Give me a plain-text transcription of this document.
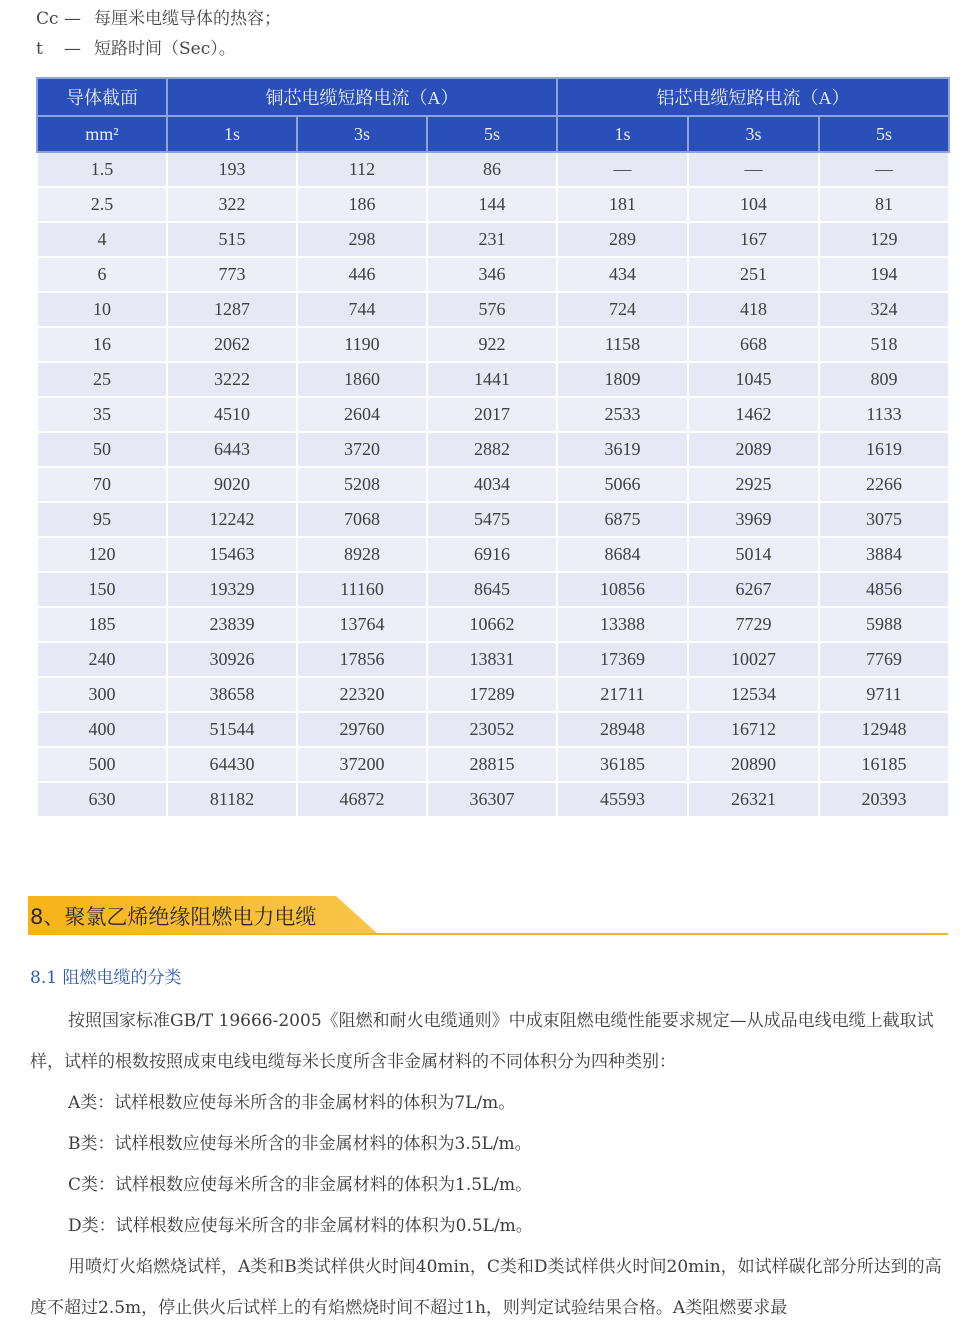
Cc — 每厘米电缆导体的热容；
t	— 短路时间（Sec）。
导体截面	铜芯电缆短路电流（A）			铝芯电缆短路电流（A）		
mm²	1s	3s	5s	1s	3s	5s
1.5	193	112	86	—	—	—
2.5	322	186	144	181	104	81
4	515	298	231	289	167	129
6	773	446	346	434	251	194
10	1287	744	576	724	418	324
16	2062	1190	922	1158	668	518
25	3222	1860	1441	1809	1045	809
35	4510	2604	2017	2533	1462	1133
50	6443	3720	2882	3619	2089	1619
70	9020	5208	4034	5066	2925	2266
95	12242	7068	5475	6875	3969	3075
120	15463	8928	6916	8684	5014	3884
150	19329	11160	8645	10856	6267	4856
185	23839	13764	10662	13388	7729	5988
240	30926	17856	13831	17369	10027	7769
300	38658	22320	17289	21711	12534	9711
400	51544	29760	23052	28948	16712	12948
500	64430	37200	28815	36185	20890	16185
630	81182	46872	36307	45593	26321	20393
8、聚氯乙烯绝缘阻燃电力电缆
8.1 阻燃电缆的分类

按照国家标准GB/T 19666-2005《阻燃和耐火电缆通则》中成束阻燃电缆性能要求规定—从成品电线电缆上截取试样，试样的根数按照成束电线电缆每米长度所含非金属材料的不同体积分为四种类别：

A类：试样根数应使每米所含的非金属材料的体积为7L/m。

B类：试样根数应使每米所含的非金属材料的体积为3.5L/m。

C类：试样根数应使每米所含的非金属材料的体积为1.5L/m。

D类：试样根数应使每米所含的非金属材料的体积为0.5L/m。

用喷灯火焰燃烧试样，A类和B类试样供火时间40min，C类和D类试样供火时间20min，如试样碳化部分所达到的高度不超过2.5m，停止供火后试样上的有焰燃烧时间不超过1h，则判定试验结果合格。A类阻燃要求最
